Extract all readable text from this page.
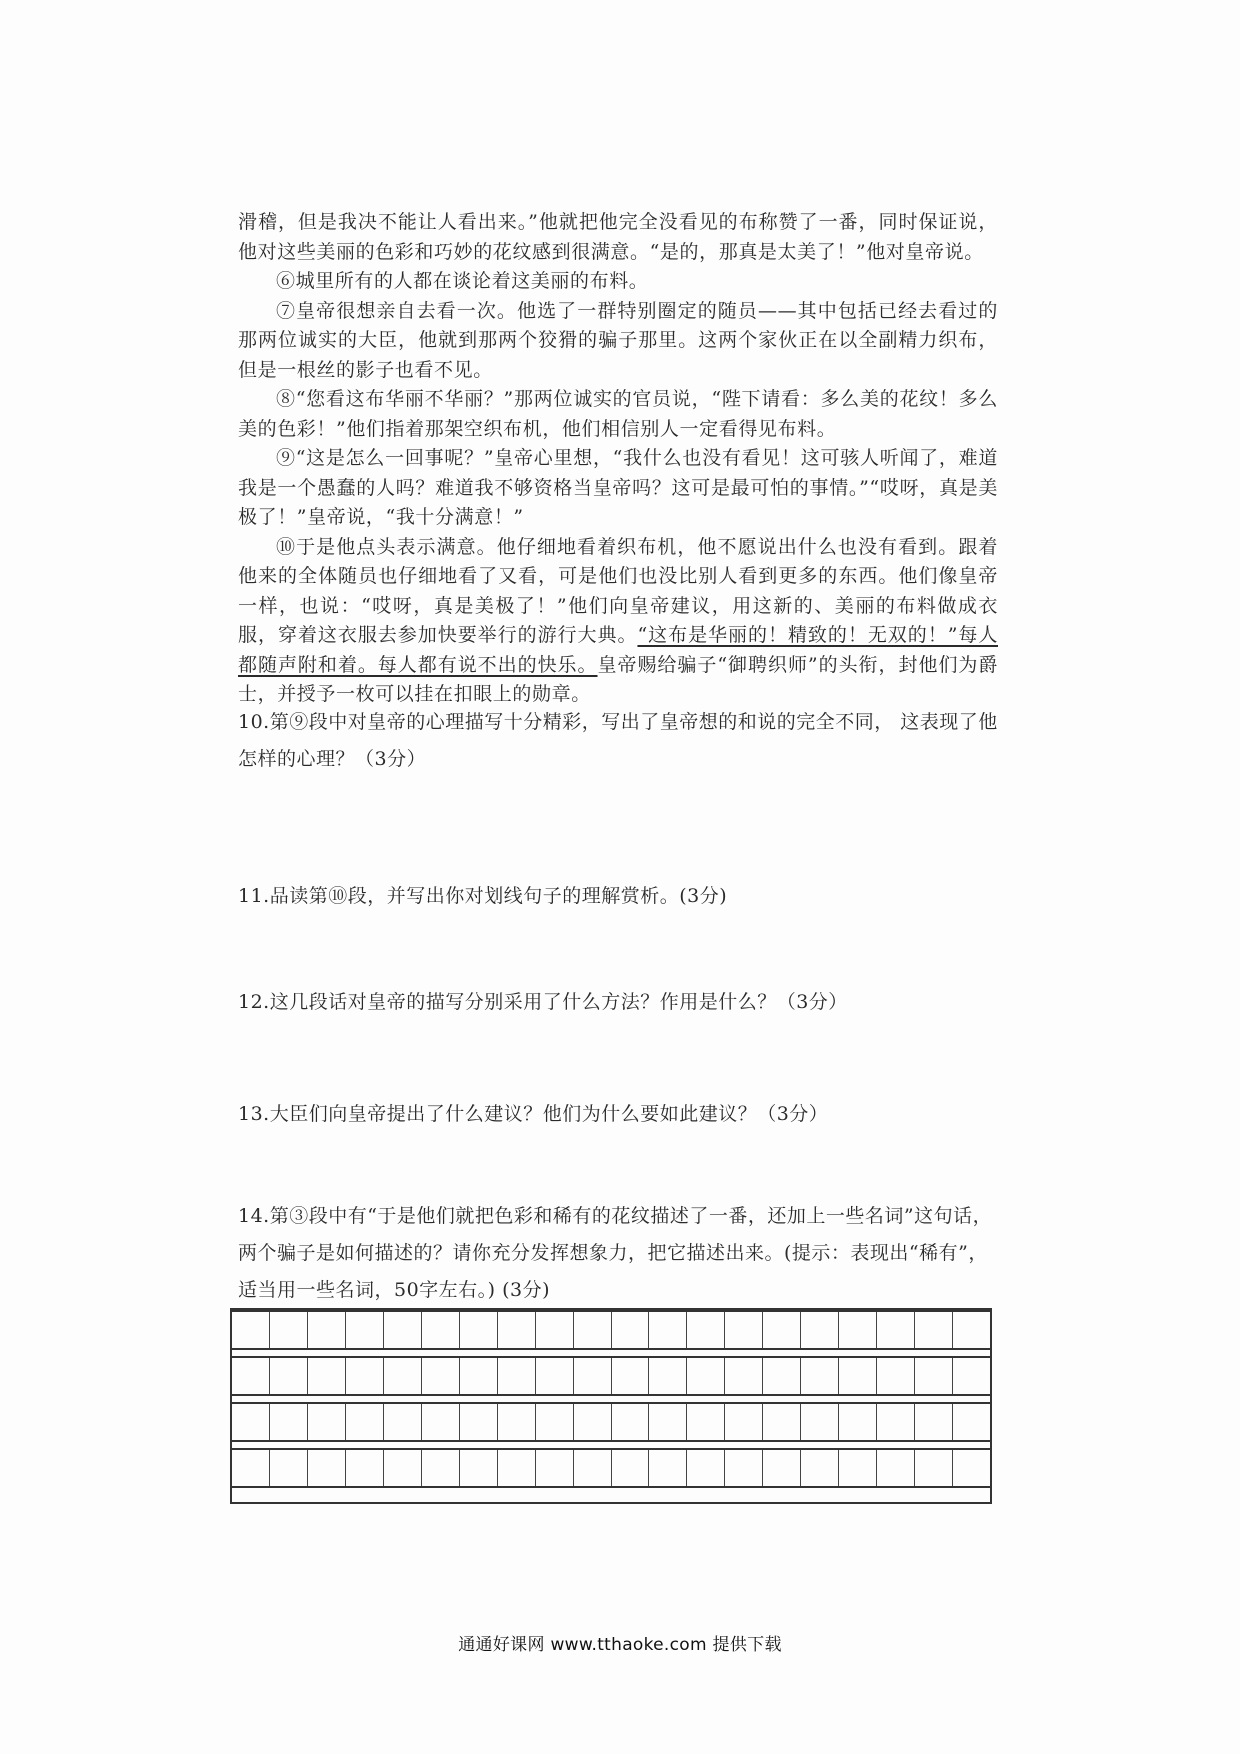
滑稽，但是我决不能让人看出来。”他就把他完全没看见的布称赞了一番，同时保证说，他对这些美丽的色彩和巧妙的花纹感到很满意。“是的，那真是太美了！”他对皇帝说。

⑥城里所有的人都在谈论着这美丽的布料。

⑦皇帝很想亲自去看一次。他选了一群特别圈定的随员——其中包括已经去看过的那两位诚实的大臣，他就到那两个狡猾的骗子那里。这两个家伙正在以全副精力织布，但是一根丝的影子也看不见。

⑧“您看这布华丽不华丽？”那两位诚实的官员说，“陛下请看：多么美的花纹！多么美的色彩！”他们指着那架空织布机，他们相信别人一定看得见布料。

⑨“这是怎么一回事呢？”皇帝心里想，“我什么也没有看见！这可骇人听闻了，难道我是一个愚蠢的人吗？难道我不够资格当皇帝吗？这可是最可怕的事情。”“哎呀，真是美极了！”皇帝说，“我十分满意！”

⑩于是他点头表示满意。他仔细地看着织布机，他不愿说出什么也没有看到。跟着他来的全体随员也仔细地看了又看，可是他们也没比别人看到更多的东西。他们像皇帝一样，也说：“哎呀，真是美极了！”他们向皇帝建议，用这新的、美丽的布料做成衣服，穿着这衣服去参加快要举行的游行大典。“这布是华丽的！精致的！无双的！”每人都随声附和着。每人都有说不出的快乐。皇帝赐给骗子“御聘织师”的头衔，封他们为爵士，并授予一枚可以挂在扣眼上的勋章。

10.第⑨段中对皇帝的心理描写十分精彩，写出了皇帝想的和说的完全不同， 这表现了他怎样的心理？（3分）
11.品读第⑩段，并写出你对划线句子的理解赏析。(3分)
12.这几段话对皇帝的描写分别采用了什么方法？作用是什么？（3分）
13.大臣们向皇帝提出了什么建议？他们为什么要如此建议？（3分）
14.第③段中有“于是他们就把色彩和稀有的花纹描述了一番，还加上一些名词”这句话，两个骗子是如何描述的？请你充分发挥想象力，把它描述出来。(提示：表现出“稀有”，适当用一些名词，50字左右。) (3分)
通通好课网 www.tthaoke.com 提供下载
